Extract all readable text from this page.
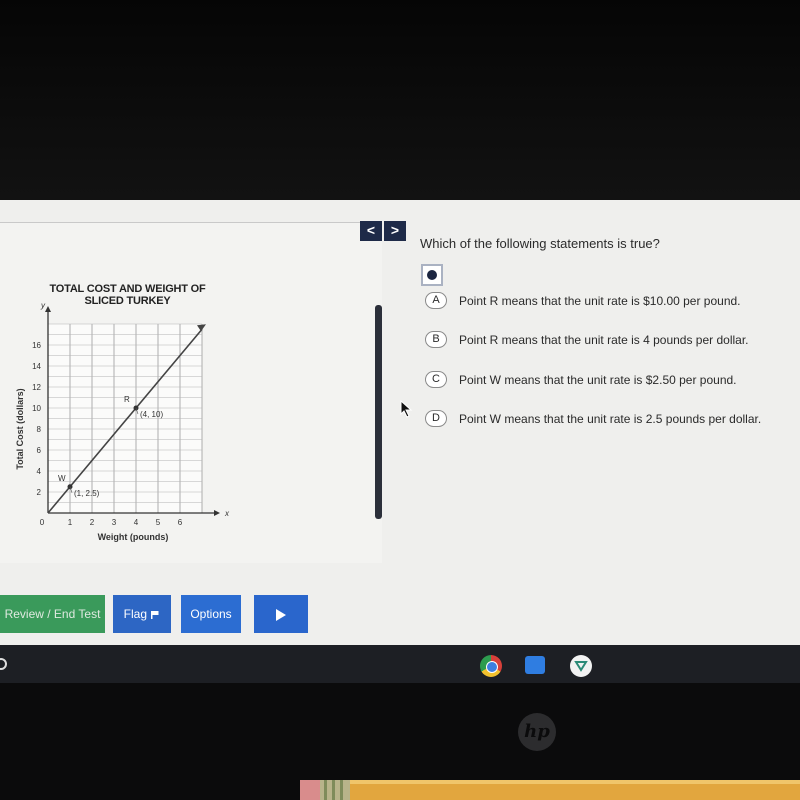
TOTAL COST AND WEIGHT OF SLICED TURKEY
x
y
0	1 2 3 4 5 6
2
4
6
8
10
12
14
16
Weight (pounds)
Total Cost (dollars)
W
(1, 2.5)
R
(4, 10)
<	>
Which of the following statements is true?
A	Point R means that the unit rate is $10.00 per pound.
B	Point R means that the unit rate is 4 pounds per dollar.
C	Point W means that the unit rate is $2.50 per pound.
D	Point W means that the unit rate is 2.5 pounds per dollar.
Review / End Test	Flag	Options
hp
